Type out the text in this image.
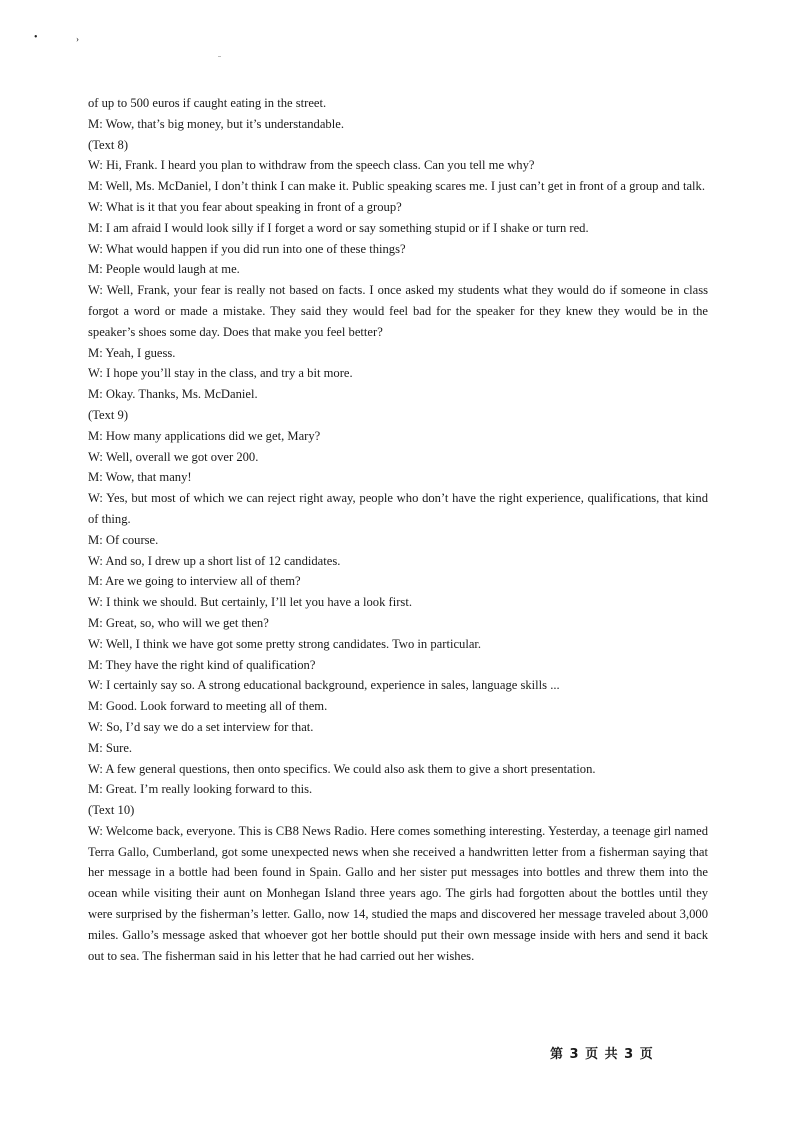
•	›

of up to 500 euros if caught eating in the street.

M: Wow, that’s big money, but it’s understandable.

(Text 8)

W: Hi, Frank. I heard you plan to withdraw from the speech class. Can you tell me why?

M: Well, Ms. McDaniel, I don’t think I can make it. Public speaking scares me. I just can’t get in front of a group and talk.

W: What is it that you fear about speaking in front of a group?

M: I am afraid I would look silly if I forget a word or say something stupid or if I shake or turn red.

W: What would happen if you did run into one of these things?

M: People would laugh at me.

W: Well, Frank, your fear is really not based on facts. I once asked my students what they would do if someone in class forgot a word or made a mistake. They said they would feel bad for the speaker for they knew they would be in the speaker’s shoes some day. Does that make you feel better?

M: Yeah, I guess.

W: I hope you’ll stay in the class, and try a bit more.

M: Okay. Thanks, Ms. McDaniel.

(Text 9)

M: How many applications did we get, Mary?

W: Well, overall we got over 200.

M: Wow, that many!

W: Yes, but most of which we can reject right away, people who don’t have the right experience, qualifications, that kind of thing.

M: Of course.

W: And so, I drew up a short list of 12 candidates.

M: Are we going to interview all of them?

W: I think we should. But certainly, I’ll let you have a look first.

M: Great, so, who will we get then?

W: Well, I think we have got some pretty strong candidates. Two in particular.

M: They have the right kind of qualification?

W: I certainly say so. A strong educational background, experience in sales, language skills ...

M: Good. Look forward to meeting all of them.

W: So, I’d say we do a set interview for that.

M: Sure.

W: A few general questions, then onto specifics. We could also ask them to give a short presentation.

M: Great. I’m really looking forward to this.

(Text 10)

W: Welcome back, everyone. This is CB8 News Radio. Here comes something interesting. Yesterday, a teenage girl named Terra Gallo, Cumberland, got some unexpected news when she received a handwritten letter from a fisherman saying that her message in a bottle had been found in Spain. Gallo and her sister put messages into bottles and threw them into the ocean while visiting their aunt on Monhegan Island three years ago. The girls had forgotten about the bottles until they were surprised by the fisherman’s letter. Gallo, now 14, studied the maps and discovered her message traveled about 3,000 miles. Gallo’s message asked that whoever got her bottle should put their own message inside with hers and send it back out to sea. The fisherman said in his letter that he had carried out her wishes.

第 3 页 共 3 页
